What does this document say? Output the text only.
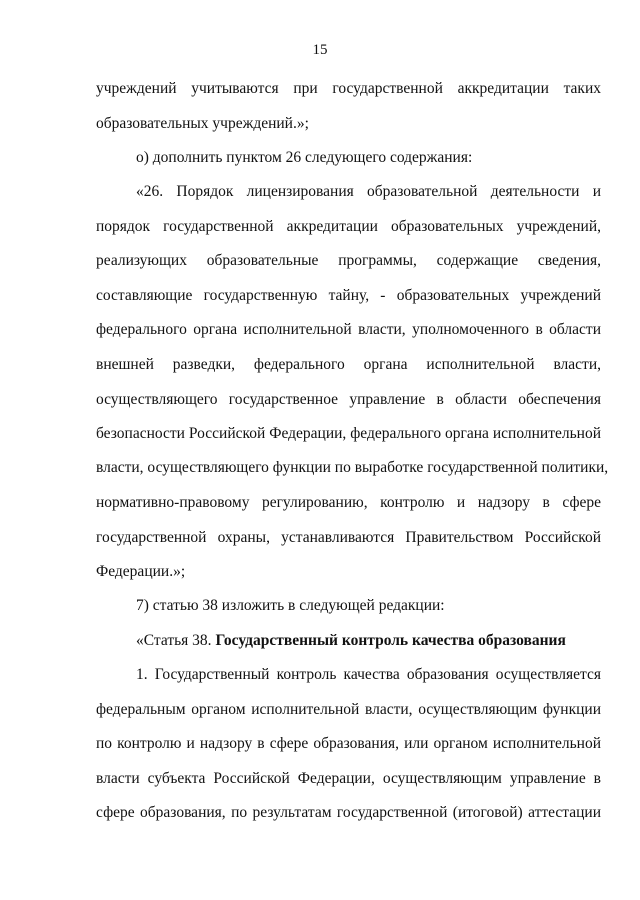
15
учреждений учитываются при государственной аккредитации таких
образовательных учреждений.»;
о) дополнить пунктом 26 следующего содержания:
«26. Порядок лицензирования образовательной деятельности и
порядок государственной аккредитации образовательных учреждений,
реализующих образовательные программы, содержащие сведения,
составляющие государственную тайну, - образовательных учреждений
федерального органа исполнительной власти, уполномоченного в области
внешней разведки, федерального органа исполнительной власти,
осуществляющего государственное управление в области обеспечения
безопасности Российской Федерации, федерального органа исполнительной
власти, осуществляющего функции по выработке государственной политики,
нормативно-правовому регулированию, контролю и надзору в сфере
государственной охраны, устанавливаются Правительством Российской
Федерации.»;
7) статью 38 изложить в следующей редакции:
«Статья 38. Государственный контроль качества образования
1. Государственный контроль качества образования осуществляется
федеральным органом исполнительной власти, осуществляющим функции
по контролю и надзору в сфере образования, или органом исполнительной
власти субъекта Российской Федерации, осуществляющим управление в
сфере образования, по результатам государственной (итоговой) аттестации
